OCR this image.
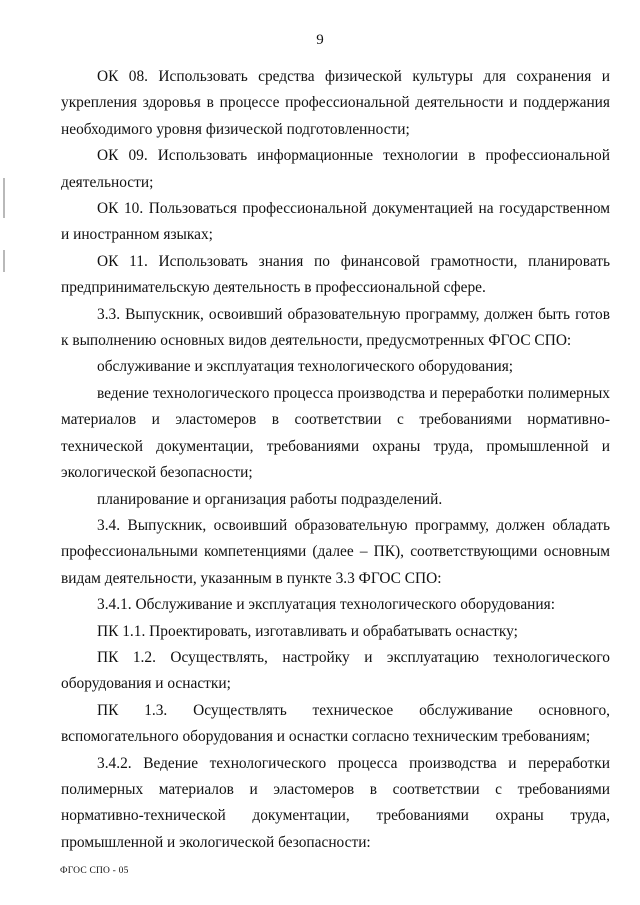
9

ОК 08. Использовать средства физической культуры для сохранения и укрепления здоровья в процессе профессиональной деятельности и поддержания необходимого уровня физической подготовленности;

ОК 09. Использовать информационные технологии в профессиональной деятельности;

ОК 10. Пользоваться профессиональной документацией на государственном и иностранном языках;

ОК 11. Использовать знания по финансовой грамотности, планировать предпринимательскую деятельность в профессиональной сфере.

3.3. Выпускник, освоивший образовательную программу, должен быть готов к выполнению основных видов деятельности, предусмотренных ФГОС СПО:

обслуживание и эксплуатация технологического оборудования;

ведение технологического процесса производства и переработки полимерных материалов и эластомеров в соответствии с требованиями нормативно-технической документации, требованиями охраны труда, промышленной и экологической безопасности;

планирование и организация работы подразделений.

3.4. Выпускник, освоивший образовательную программу, должен обладать профессиональными компетенциями (далее – ПК), соответствующими основным видам деятельности, указанным в пункте 3.3 ФГОС СПО:

3.4.1. Обслуживание и эксплуатация технологического оборудования:

ПК 1.1. Проектировать, изготавливать и обрабатывать оснастку;

ПК 1.2. Осуществлять, настройку и эксплуатацию технологического оборудования и оснастки;

ПК 1.3. Осуществлять техническое обслуживание основного, вспомогательного оборудования и оснастки согласно техническим требованиям;

3.4.2. Ведение технологического процесса производства и переработки полимерных материалов и эластомеров в соответствии с требованиями нормативно-технической документации, требованиями охраны труда, промышленной и экологической безопасности:

ФГОС СПО - 05
